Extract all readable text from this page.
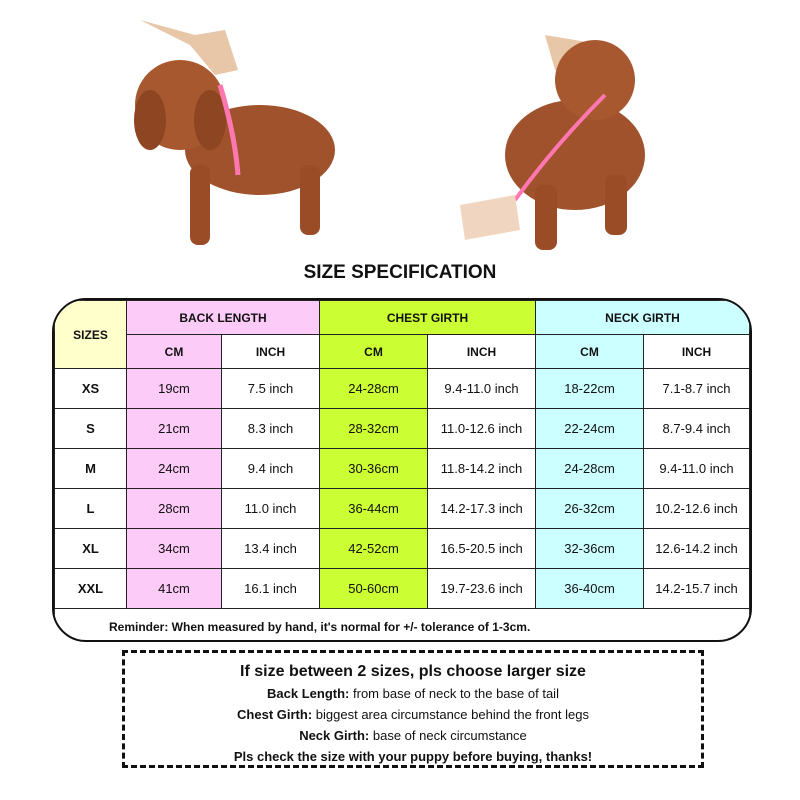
SIZE SPECIFICATION
SIZES	BACK LENGTH		CHEST GIRTH		NECK GIRTH	
	CM	INCH	CM	INCH	CM	INCH
XS	19cm	7.5 inch	24-28cm	9.4-11.0 inch	18-22cm	7.1-8.7 inch
S	21cm	8.3 inch	28-32cm	11.0-12.6 inch	22-24cm	8.7-9.4 inch
M	24cm	9.4 inch	30-36cm	11.8-14.2 inch	24-28cm	9.4-11.0 inch
L	28cm	11.0 inch	36-44cm	14.2-17.3 inch	26-32cm	10.2-12.6 inch
XL	34cm	13.4 inch	42-52cm	16.5-20.5 inch	32-36cm	12.6-14.2 inch
XXL	41cm	16.1 inch	50-60cm	19.7-23.6 inch	36-40cm	14.2-15.7 inch
Reminder: When measured by hand, it's normal for +/- tolerance of 1-3cm.						
If size between 2 sizes, pls choose larger size
Back Length: from base of neck to the base of tail
Chest Girth: biggest area circumstance behind the front legs
Neck Girth: base of neck circumstance
Pls check the size with your puppy before buying, thanks!
